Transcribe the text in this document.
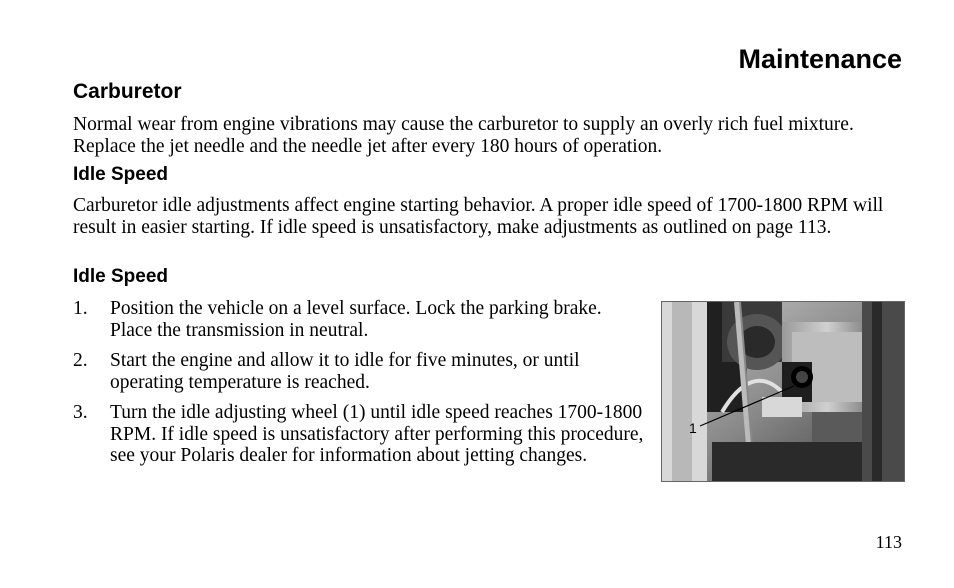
Maintenance
Carburetor

Normal wear from engine vibrations may cause the carburetor to supply an overly rich fuel mixture. Replace the jet needle and the needle jet after every 180 hours of operation.

Idle Speed

Carburetor idle adjustments affect engine starting behavior. A proper idle speed of 1700-1800 RPM will result in easier starting. If idle speed is unsatisfactory, make adjustments as outlined on page 113.

Idle Speed
1. Position the vehicle on a level surface. Lock the parking brake. Place the transmission in neutral.
2. Start the engine and allow it to idle for five minutes, or until operating temperature is reached.
3. Turn the idle adjusting wheel (1) until idle speed reaches 1700-1800 RPM. If idle speed is unsatisfactory after performing this procedure, see your Polaris dealer for information about jetting changes.
1

113
